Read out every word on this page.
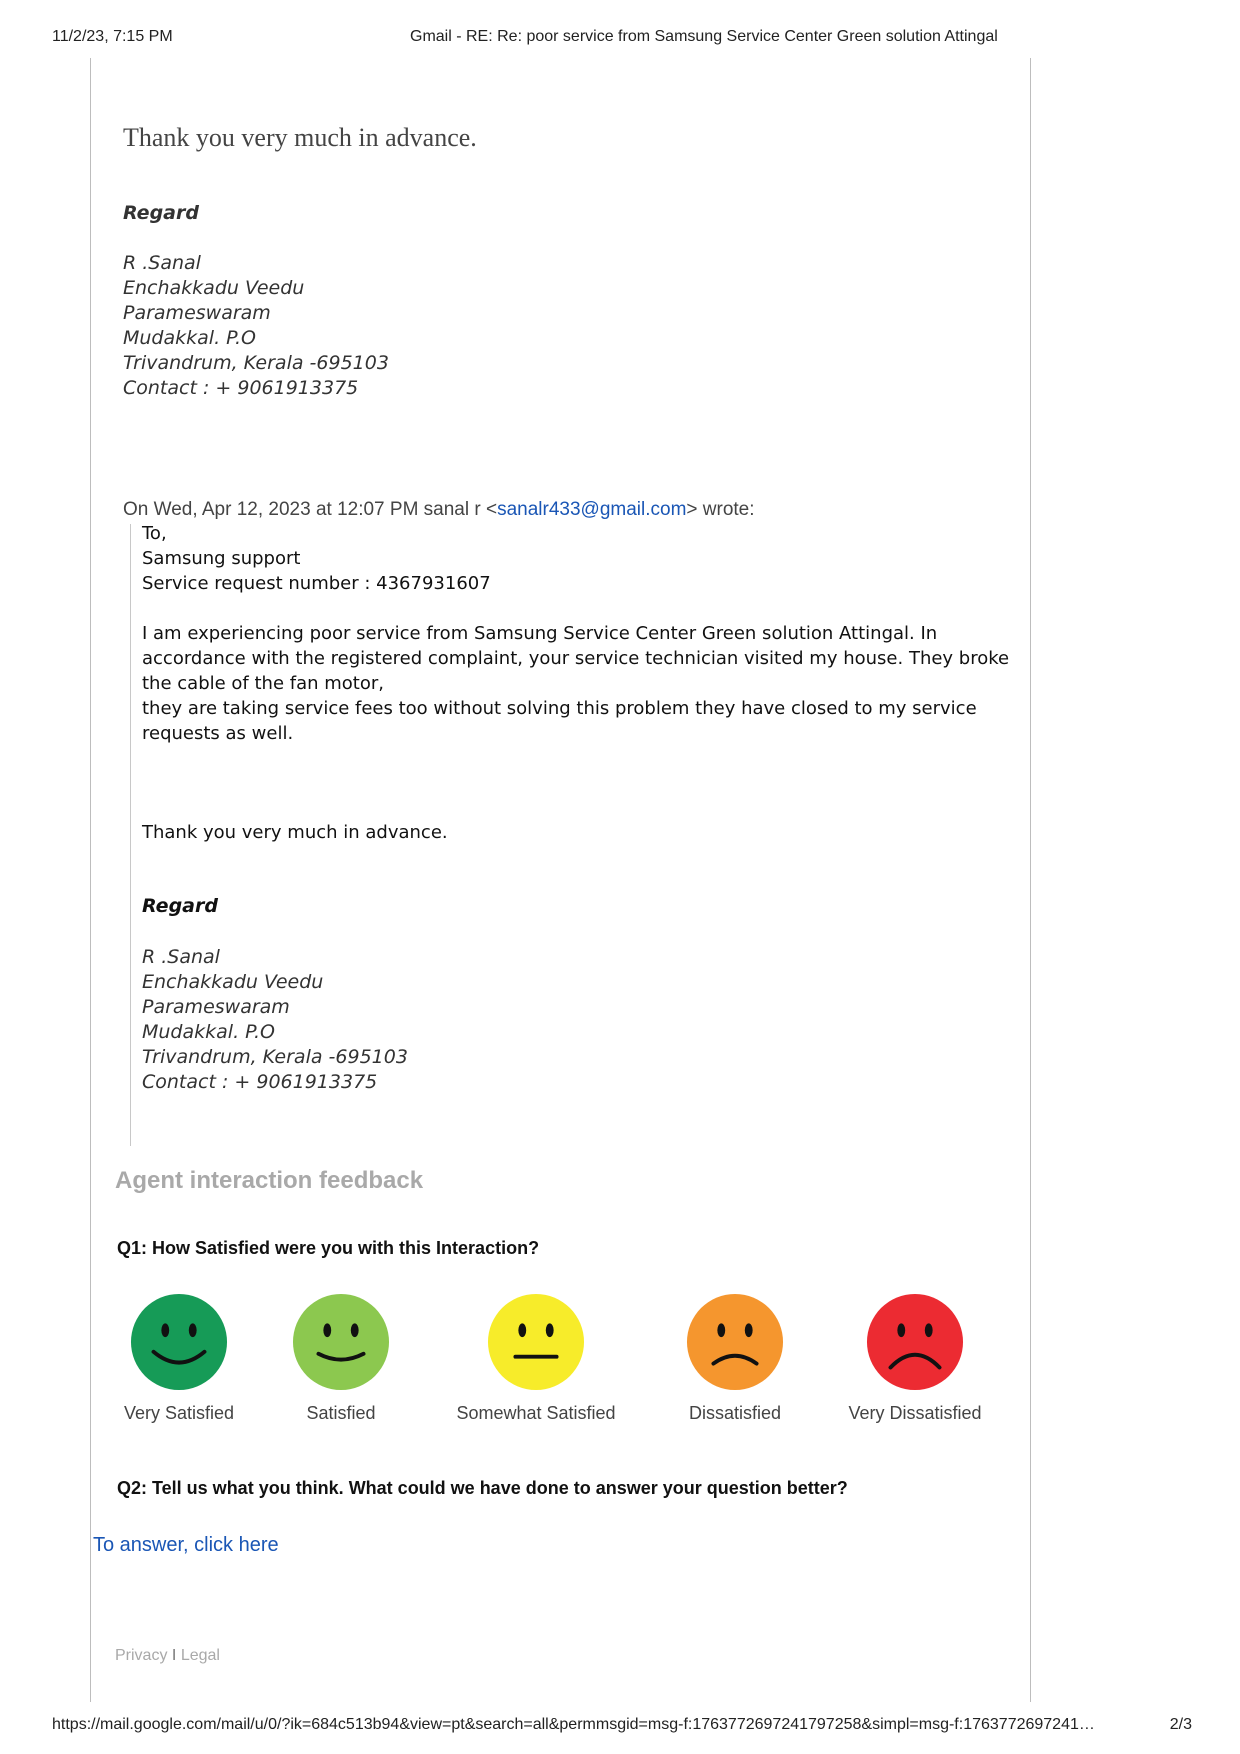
11/2/23, 7:15 PM	Gmail - RE: Re: poor service from Samsung Service Center Green solution Attingal
Thank you very much in advance.
Regard
R .Sanal
Enchakkadu Veedu
Parameswaram
Mudakkal. P.O
Trivandrum, Kerala -695103
Contact : + 9061913375
On Wed, Apr 12, 2023 at 12:07 PM sanal r <sanalr433@gmail.com> wrote:
To,
Samsung support
Service request number : 4367931607
I am experiencing poor service from Samsung Service Center Green solution Attingal. In accordance with the registered complaint, your service technician visited my house. They broke the cable of the fan motor,
they are taking service fees too without solving this problem they have closed to my service requests as well.
Thank you very much in advance.
Regard
R .Sanal
Enchakkadu Veedu
Parameswaram
Mudakkal. P.O
Trivandrum, Kerala -695103
Contact : + 9061913375
Agent interaction feedback
Q1: How Satisfied were you with this Interaction?
Very Satisfied	Satisfied	Somewhat Satisfied	Dissatisfied	Very Dissatisfied
Q2: Tell us what you think. What could we have done to answer your question better?
To answer, click here
Privacy I Legal
https://mail.google.com/mail/u/0/?ik=684c513b94&view=pt&search=all&permmsgid=msg-f:1763772697241797258&simpl=msg-f:1763772697241…	2/3
